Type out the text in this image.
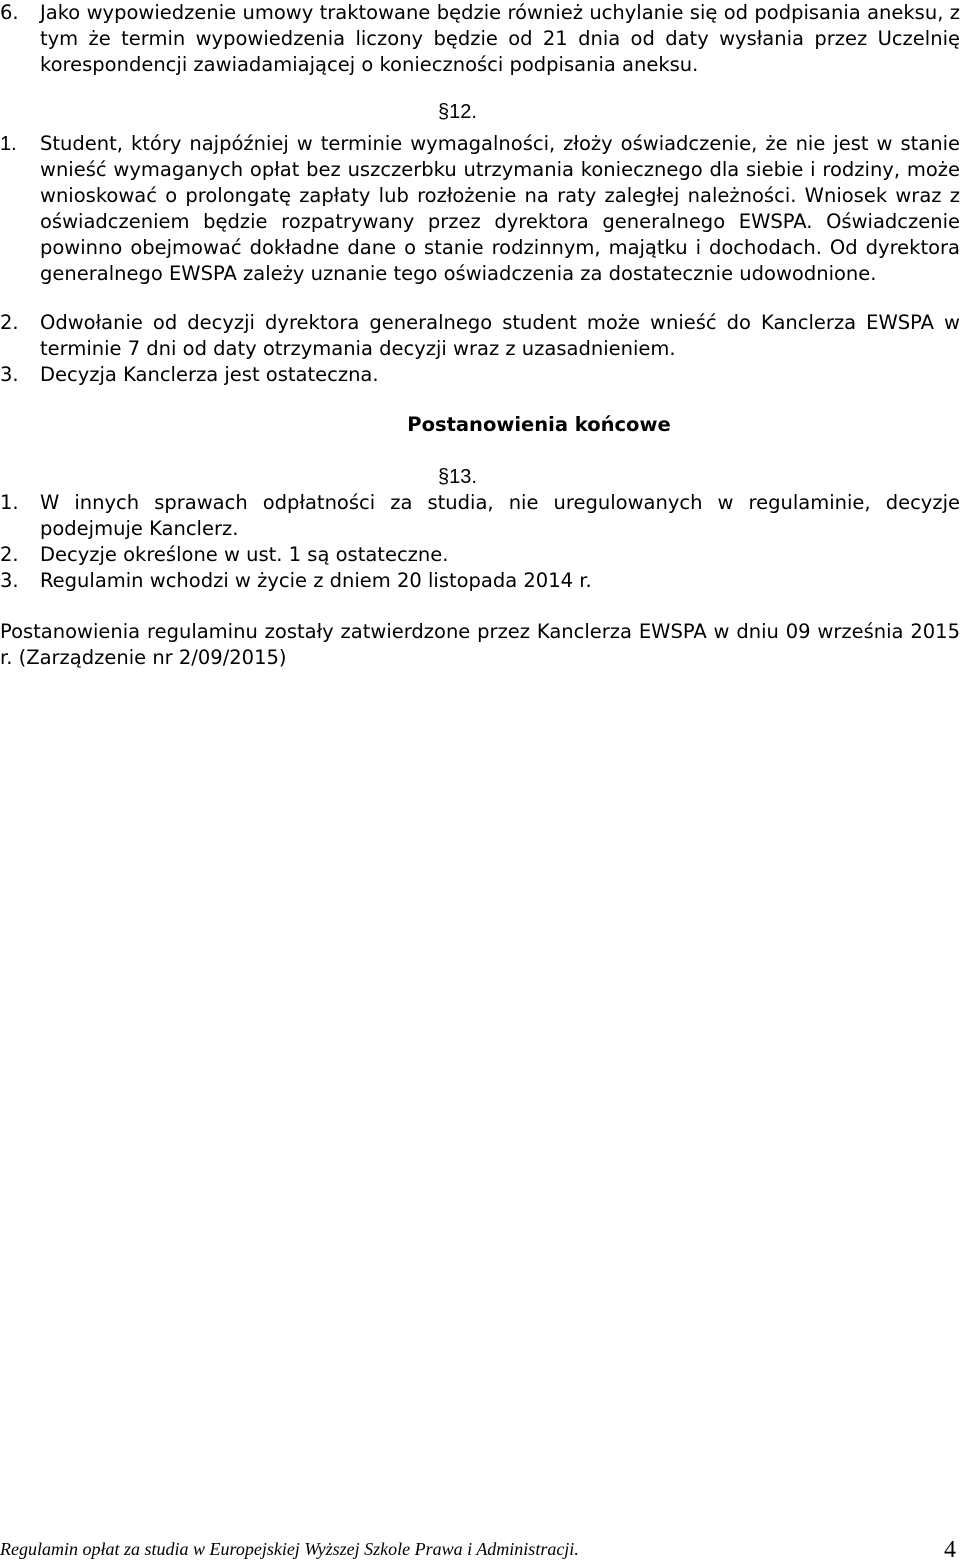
6.	Jako wypowiedzenie umowy traktowane będzie również uchylanie się od podpisania aneksu, z tym że termin wypowiedzenia liczony będzie od 21 dnia od daty wysłania przez Uczelnię korespondencji zawiadamiającej o konieczności podpisania aneksu.
§12.
1.	Student, który najpóźniej w terminie wymagalności, złoży oświadczenie, że nie jest w stanie wnieść wymaganych opłat bez uszczerbku utrzymania koniecznego dla siebie i rodziny, może wnioskować o prolongatę zapłaty lub rozłożenie na raty zaległej należności. Wniosek wraz z oświadczeniem będzie rozpatrywany przez dyrektora generalnego EWSPA. Oświadczenie powinno obejmować dokładne dane o stanie rodzinnym, majątku i dochodach. Od dyrektora generalnego EWSPA zależy uznanie tego oświadczenia za dostatecznie udowodnione.
2.	Odwołanie od decyzji dyrektora generalnego student może wnieść do Kanclerza EWSPA w terminie 7 dni od daty otrzymania decyzji wraz z uzasadnieniem.
3.	Decyzja Kanclerza jest ostateczna.
Postanowienia końcowe
§13.
1.	W innych sprawach odpłatności za studia, nie uregulowanych w regulaminie, decyzje podejmuje Kanclerz.
2.	Decyzje określone w ust. 1 są ostateczne.
3.	Regulamin wchodzi w życie z dniem 20 listopada 2014 r.
Postanowienia regulaminu zostały zatwierdzone przez Kanclerza EWSPA w dniu 09 września 2015 r. (Zarządzenie nr 2/09/2015)
Regulamin opłat za studia w Europejskiej Wyższej Szkole Prawa i Administracji.	4
